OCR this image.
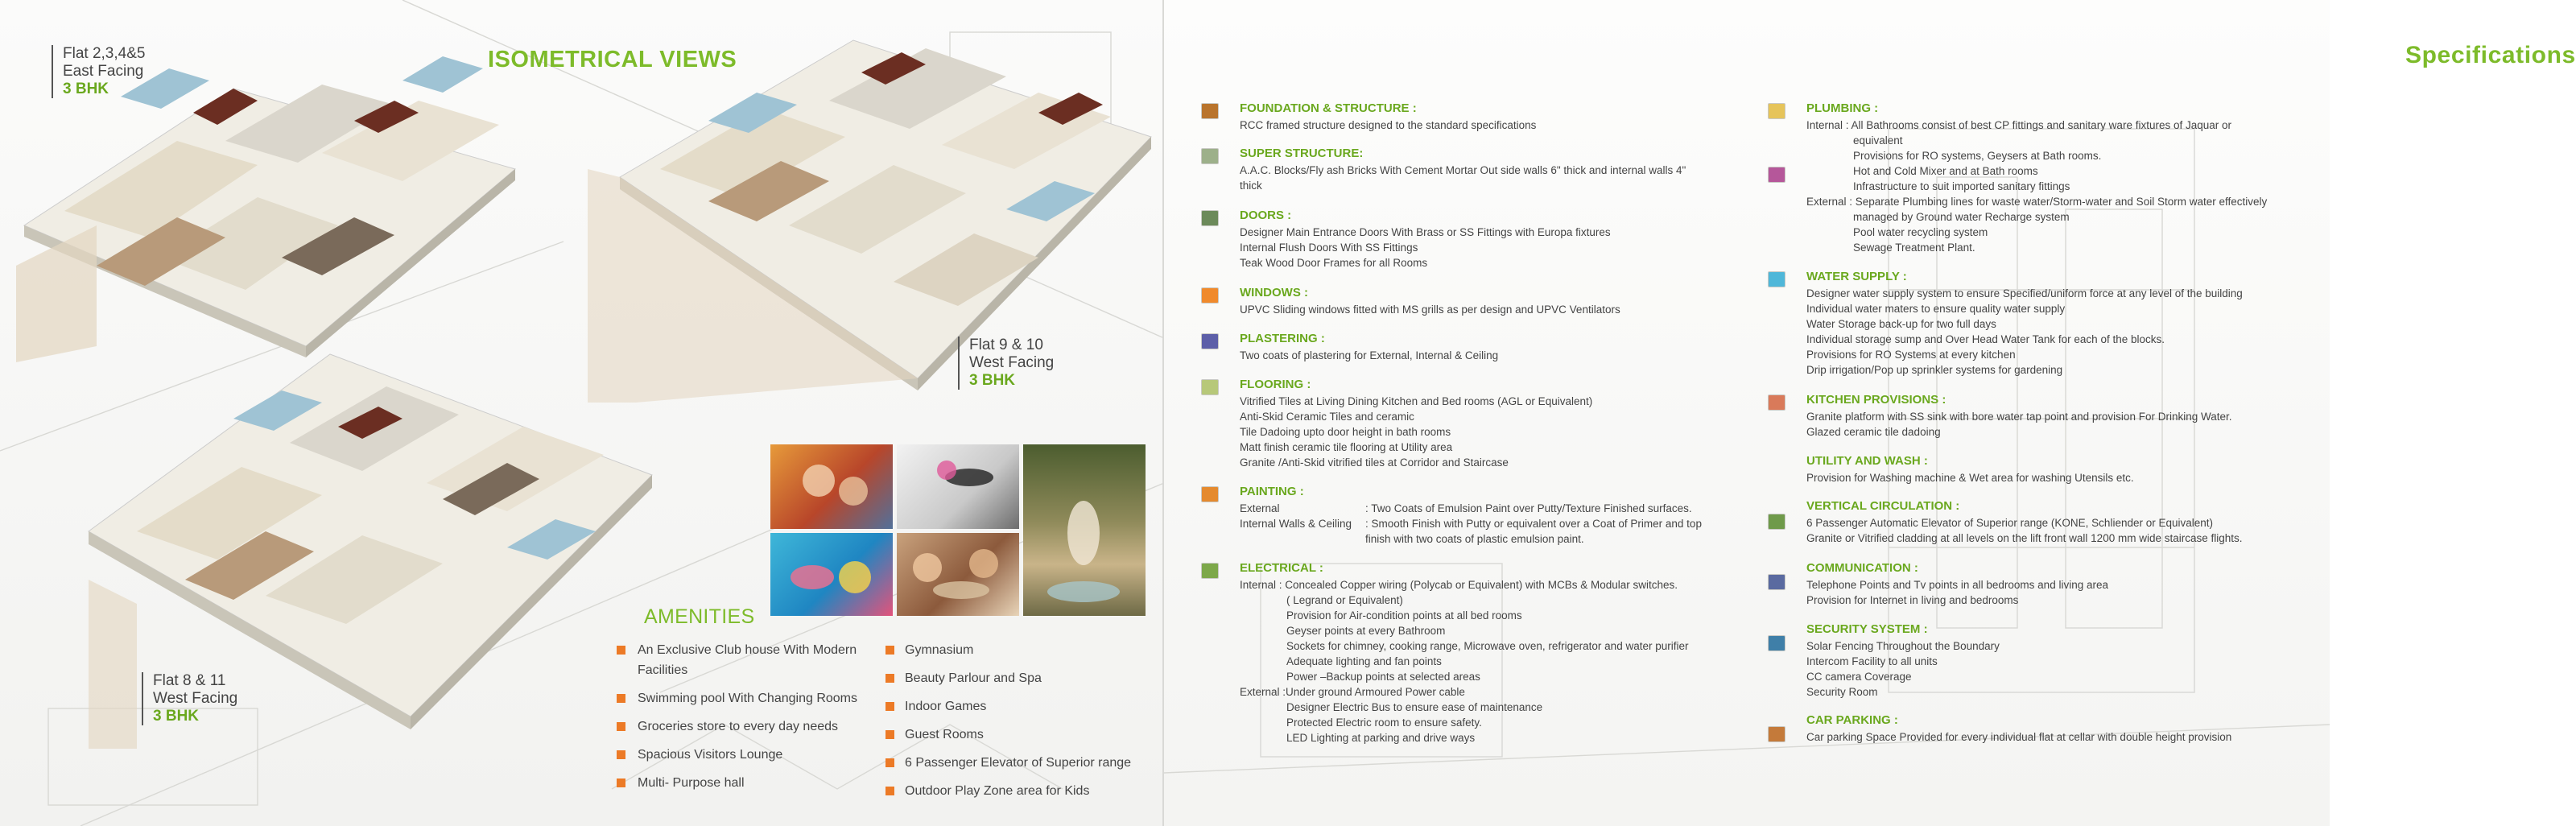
ISOMETRICAL VIEWS
Flat 2,3,4&5
East Facing
3 BHK
Flat 9 & 10
West Facing
3 BHK
Flat 8 & 11
West Facing
3 BHK
AMENITIES
An Exclusive Club house With Modern
Facilities
Swimming pool With Changing Rooms
Groceries store to every day needs
Spacious Visitors Lounge
Multi- Purpose hall
Gymnasium
Beauty Parlour and Spa
Indoor Games
Guest Rooms
6 Passenger Elevator of Superior range
Outdoor Play Zone area for Kids
Specifications
FOUNDATION & STRUCTURE :

RCC framed structure designed to the standard specifications

SUPER STRUCTURE:

A.A.C. Blocks/Fly ash Bricks With Cement Mortar Out side walls 6" thick and internal walls 4"

thick

DOORS :

Designer Main Entrance Doors With Brass or SS Fittings with Europa fixtures

Internal Flush Doors With SS Fittings

Teak Wood Door Frames for all Rooms

WINDOWS :

UPVC Sliding windows fitted with MS grills as per design and UPVC Ventilators

PLASTERING :

Two coats of plastering for External, Internal & Ceiling

FLOORING :

Vitrified Tiles at Living Dining Kitchen and Bed rooms (AGL or Equivalent)

Anti-Skid Ceramic Tiles and ceramic

Tile Dadoing upto door height in bath rooms

Matt finish ceramic tile flooring at Utility area

Granite /Anti-Skid vitrified tiles at Corridor and Staircase

PAINTING :
External	: Two Coats of Emulsion Paint over Putty/Texture Finished surfaces.
Internal Walls & Ceiling	: Smooth Finish with Putty or equivalent over a Coat of Primer and top
finish with two coats of plastic emulsion paint.
ELECTRICAL :

Internal : Concealed Copper wiring (Polycab or Equivalent) with MCBs & Modular switches.

( Legrand or Equivalent)

Provision for Air-condition points at all bed rooms

Geyser points at every Bathroom

Sockets for chimney, cooking range, Microwave oven, refrigerator and water purifier

Adequate lighting and fan points

Power –Backup points at selected areas

External :Under ground Armoured Power cable

Designer Electric Bus to ensure ease of maintenance

Protected Electric room to ensure safety.

LED Lighting at parking and drive ways

PLUMBING :

Internal : All Bathrooms consist of best CP fittings and sanitary ware fixtures of Jaquar or

equivalent

Provisions for RO systems, Geysers at Bath rooms.

Hot and Cold Mixer and at Bath rooms

Infrastructure to suit imported sanitary fittings

External : Separate Plumbing lines for waste water/Storm-water and Soil Storm water effectively

managed by Ground water Recharge system

Pool water recycling system

Sewage Treatment Plant.

WATER SUPPLY :

Designer water supply system to ensure Specified/uniform force at any level of the building

Individual water maters to ensure quality water supply

Water Storage back-up for two full days

Individual storage sump and Over Head Water Tank for each of the blocks.

Provisions for RO Systems at every kitchen

Drip irrigation/Pop up sprinkler systems for gardening

KITCHEN PROVISIONS :

Granite platform with SS sink with bore water tap point and provision For Drinking Water.

Glazed ceramic tile dadoing

UTILITY AND WASH :

Provision for Washing machine & Wet area for washing Utensils etc.

VERTICAL CIRCULATION :

6 Passenger Automatic Elevator of Superior range (KONE, Schliender or Equivalent)

Granite or Vitrified cladding at all levels on the lift front wall 1200 mm wide staircase flights.

COMMUNICATION :

Telephone Points and Tv points in all bedrooms and living area

Provision for Internet in living and bedrooms

SECURITY SYSTEM :

Solar Fencing Throughout the Boundary

Intercom Facility to all units

CC camera Coverage

Security Room

CAR PARKING :

Car parking Space Provided for every individual flat at cellar with double height provision
